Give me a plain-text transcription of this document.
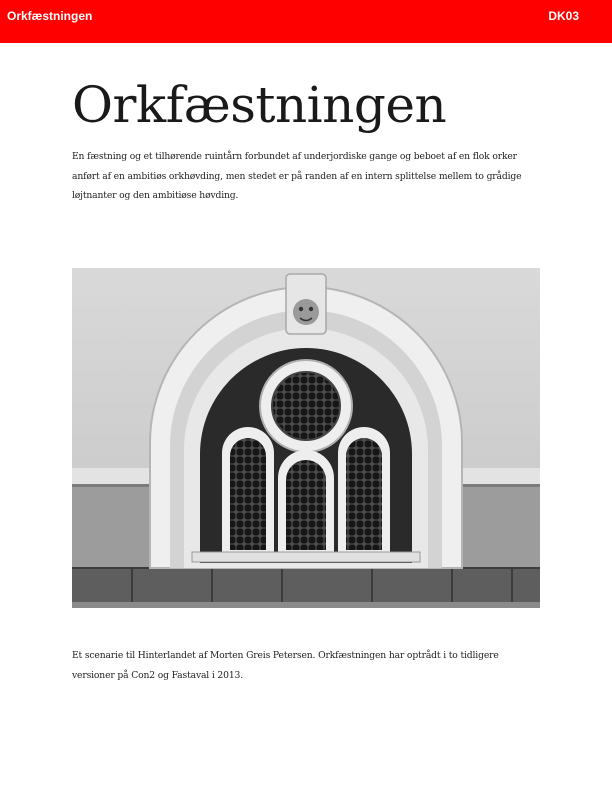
Orkfæstningen	DK03
Orkfæstningen

En fæstning og et tilhørende ruintårn forbundet af underjordiske gange og beboet af en flok orker anført af en ambitiøs orkhøvding, men stedet er på randen af en intern splittelse mellem to grådige løjtnanter og den ambitiøse høvding.

Et scenarie til Hinterlandet af Morten Greis Petersen. Orkfæstningen har optrådt i to tidligere versioner på Con2 og Fastaval i 2013.
